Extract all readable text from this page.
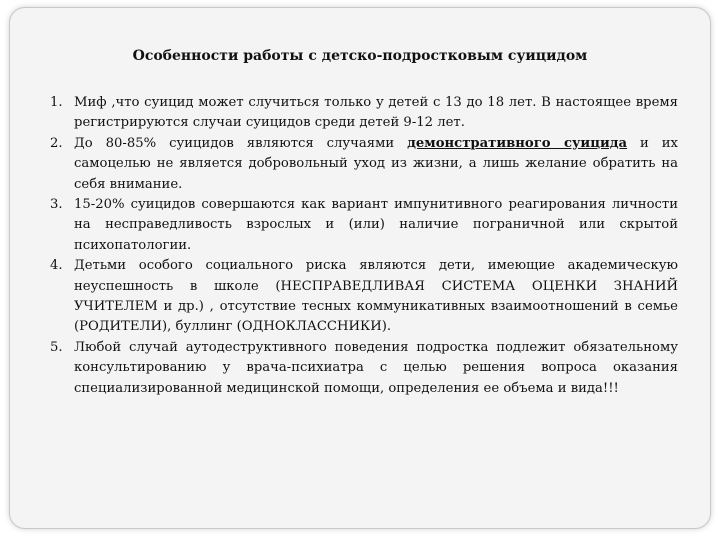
Особенности работы с детско-подростковым суицидом
1. Миф ,что суицид может случиться только у детей с 13 до 18 лет. В настоящее время регистрируются случаи суицидов среди детей 9-12 лет.
2. До 80-85% суицидов являются случаями демонстративного суицида и их самоцелью не является добровольный уход из жизни, а лишь желание обратить на себя внимание.
3. 15-20% суицидов совершаются как вариант импунитивного реагирования личности на несправедливость взрослых и (или) наличие пограничной или скрытой психопатологии.
4. Детьми особого социального риска являются дети, имеющие академическую неуспешность в школе (НЕСПРАВЕДЛИВАЯ СИСТЕМА ОЦЕНКИ ЗНАНИЙ УЧИТЕЛЕМ и др.) , отсутствие тесных коммуникативных взаимоотношений в семье (РОДИТЕЛИ), буллинг (ОДНОКЛАССНИКИ).
5. Любой случай аутодеструктивного поведения подростка подлежит обязательному консультированию у врача-психиатра с целью решения вопроса оказания специализированной медицинской помощи, определения ее объема и вида!!!
